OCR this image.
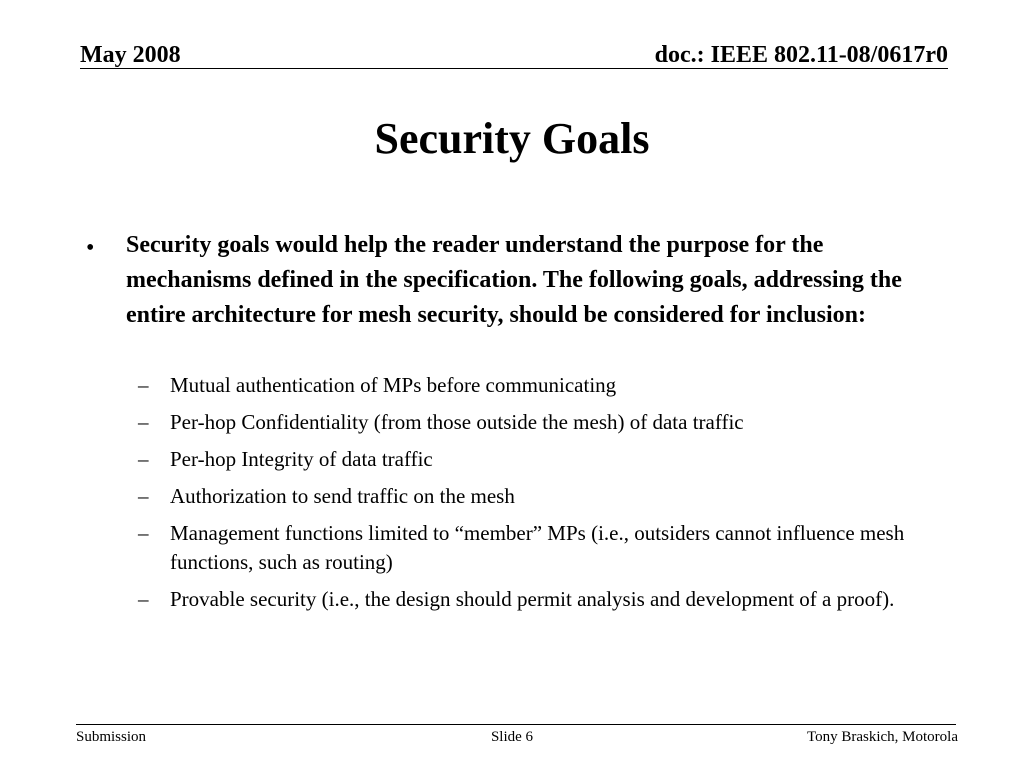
May 2008	doc.: IEEE 802.11-08/0617r0
Security Goals
• Security goals would help the reader understand the purpose for the mechanisms defined in the specification. The following goals, addressing the entire architecture for mesh security, should be considered for inclusion:
– Mutual authentication of MPs before communicating
– Per-hop Confidentiality (from those outside the mesh) of data traffic
– Per-hop Integrity of data traffic
– Authorization to send traffic on the mesh
– Management functions limited to “member” MPs (i.e., outsiders cannot influence mesh functions, such as routing)
– Provable security (i.e., the design should permit analysis and development of a proof).
Submission	Slide 6	Tony Braskich, Motorola
